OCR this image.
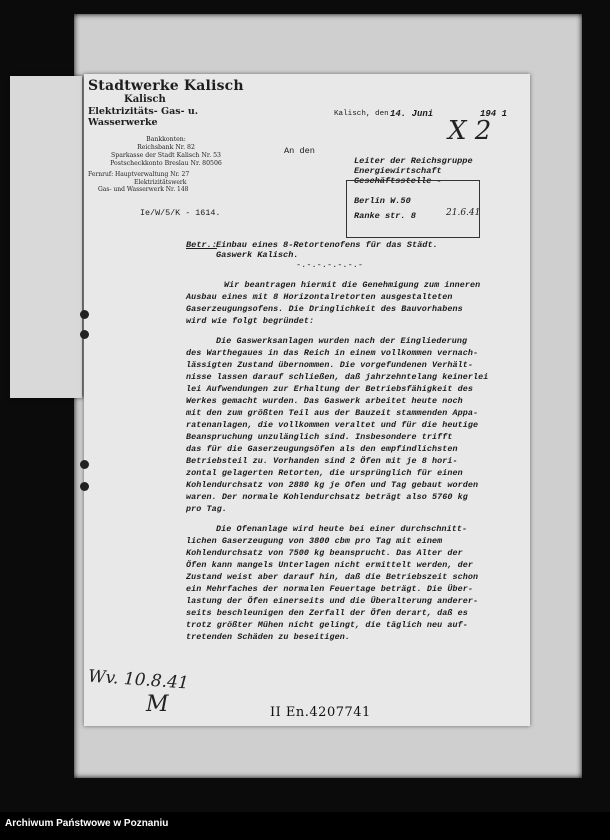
Stadtwerke Kalisch
Kalisch
Elektrizitäts- Gas- u. Wasserwerke
Bankkonten:
Reichsbank Nr. 82
Sparkasse der Stadt Kalisch Nr. 53
Postscheckkonto Breslau Nr. 80506
Fernruf: Hauptverwaltung Nr. 27
Elektrizitätswerk
Gas- und Wasserwerk Nr. 148
Kalisch, den 14. Juni	194 1
X 2
An den
Leiter der Reichsgruppe
Energiewirtschaft
Geschäftsstelle -
Berlin W.50
Ranke str. 8	21.6.41
Ie/W/5/K - 1614.
Betr.: Einbau eines 8-Retortenofens für das Städt.
Gaswerk Kalisch.
-.-.-.-.-.-.-
Wir beantragen hiermit die Genehmigung zum inneren
Ausbau eines mit 8 Horizontalretorten ausgestalteten
Gaserzeugungsofens. Die Dringlichkeit des Bauvorhabens
wird wie folgt begründet:
Die Gaswerksanlagen wurden nach der Eingliederung
des Warthegaues in das Reich in einem vollkommen vernach-
lässigten Zustand übernommen. Die vorgefundenen Verhält-
nisse lassen darauf schließen, daß jahrzehntelang keinerlei
lei Aufwendungen zur Erhaltung der Betriebsfähigkeit des
Werkes gemacht wurden. Das Gaswerk arbeitet heute noch
mit den zum größten Teil aus der Bauzeit stammenden Appa-
ratenanlagen, die vollkommen veraltet und für die heutige
Beanspruchung unzulänglich sind. Insbesondere trifft
das für die Gaserzeugungsöfen als den empfindlichsten
Betriebsteil zu. Vorhanden sind 2 Öfen mit je 8 hori-
zontal gelagerten Retorten, die ursprünglich für einen
Kohlendurchsatz von 2880 kg je Ofen und Tag gebaut worden
waren. Der normale Kohlendurchsatz beträgt also 5760 kg
pro Tag.
Die Ofenanlage wird heute bei einer durchschnitt-
lichen Gaserzeugung von 3800 cbm pro Tag mit einem
Kohlendurchsatz von 7500 kg beansprucht. Das Alter der
Öfen kann mangels Unterlagen nicht ermittelt werden, der
Zustand weist aber darauf hin, daß die Betriebszeit schon
ein Mehrfaches der normalen Feuertage beträgt. Die Über-
lastung der Öfen einerseits und die Überalterung anderer-
seits beschleunigen den Zerfall der Öfen derart, daß es
trotz größter Mühen nicht gelingt, die täglich neu auf-
tretenden Schäden zu beseitigen.
Wv. 10.8.41
M	II En.4207741
Archiwum Państwowe w Poznaniu
